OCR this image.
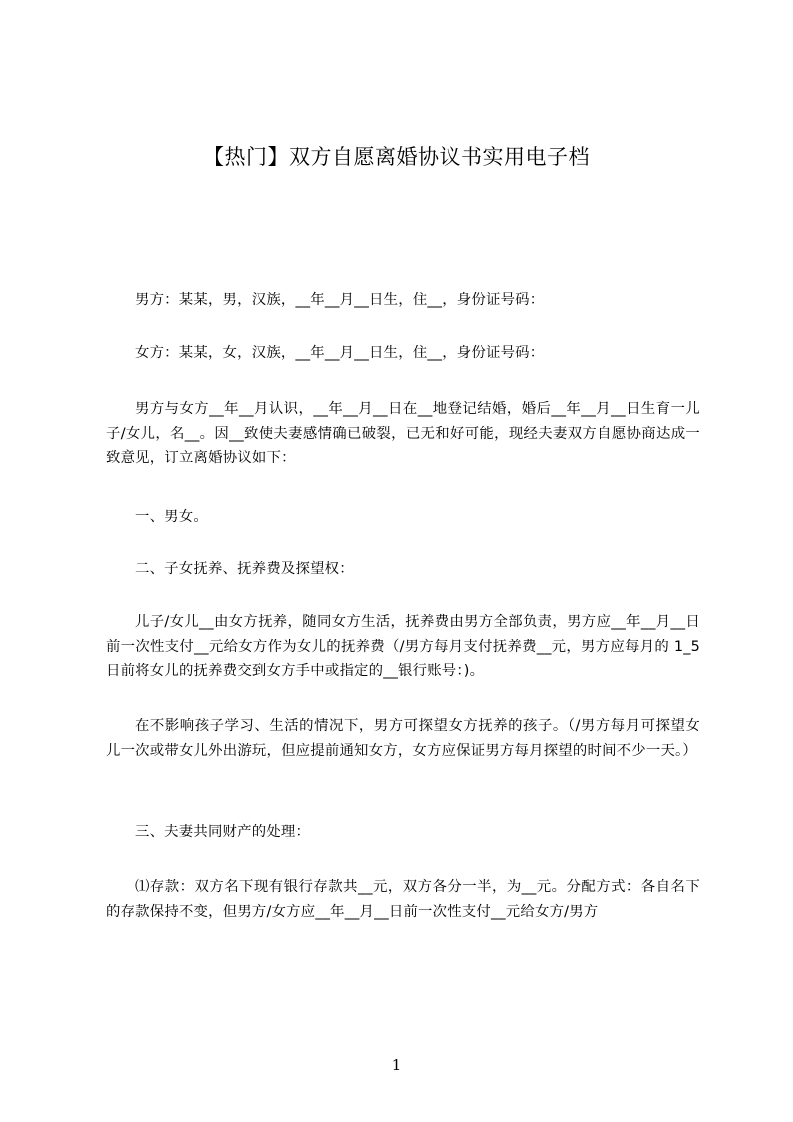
【热门】双方自愿离婚协议书实用电子档
男方：某某，男，汉族，__年__月__日生，住__，身份证号码：
女方：某某，女，汉族，__年__月__日生，住__，身份证号码：
男方与女方__年__月认识，__年__月__日在__地登记结婚，婚后__年__月__日生育一儿子/女儿，名__。因__致使夫妻感情确已破裂，已无和好可能，现经夫妻双方自愿协商达成一致意见，订立离婚协议如下：
一、男女。
二、子女抚养、抚养费及探望权：
儿子/女儿__由女方抚养，随同女方生活，抚养费由男方全部负责，男方应__年__月__日前一次性支付__元给女方作为女儿的抚养费（/男方每月支付抚养费__元，男方应每月的 1_5 日前将女儿的抚养费交到女方手中或指定的__银行账号：)。
在不影响孩子学习、生活的情况下，男方可探望女方抚养的孩子。（/男方每月可探望女儿一次或带女儿外出游玩，但应提前通知女方，女方应保证男方每月探望的时间不少一天。）
三、夫妻共同财产的处理：
⑴存款：双方名下现有银行存款共__元，双方各分一半，为__元。分配方式：各自名下的存款保持不变，但男方/女方应__年__月__日前一次性支付__元给女方/男方
1
